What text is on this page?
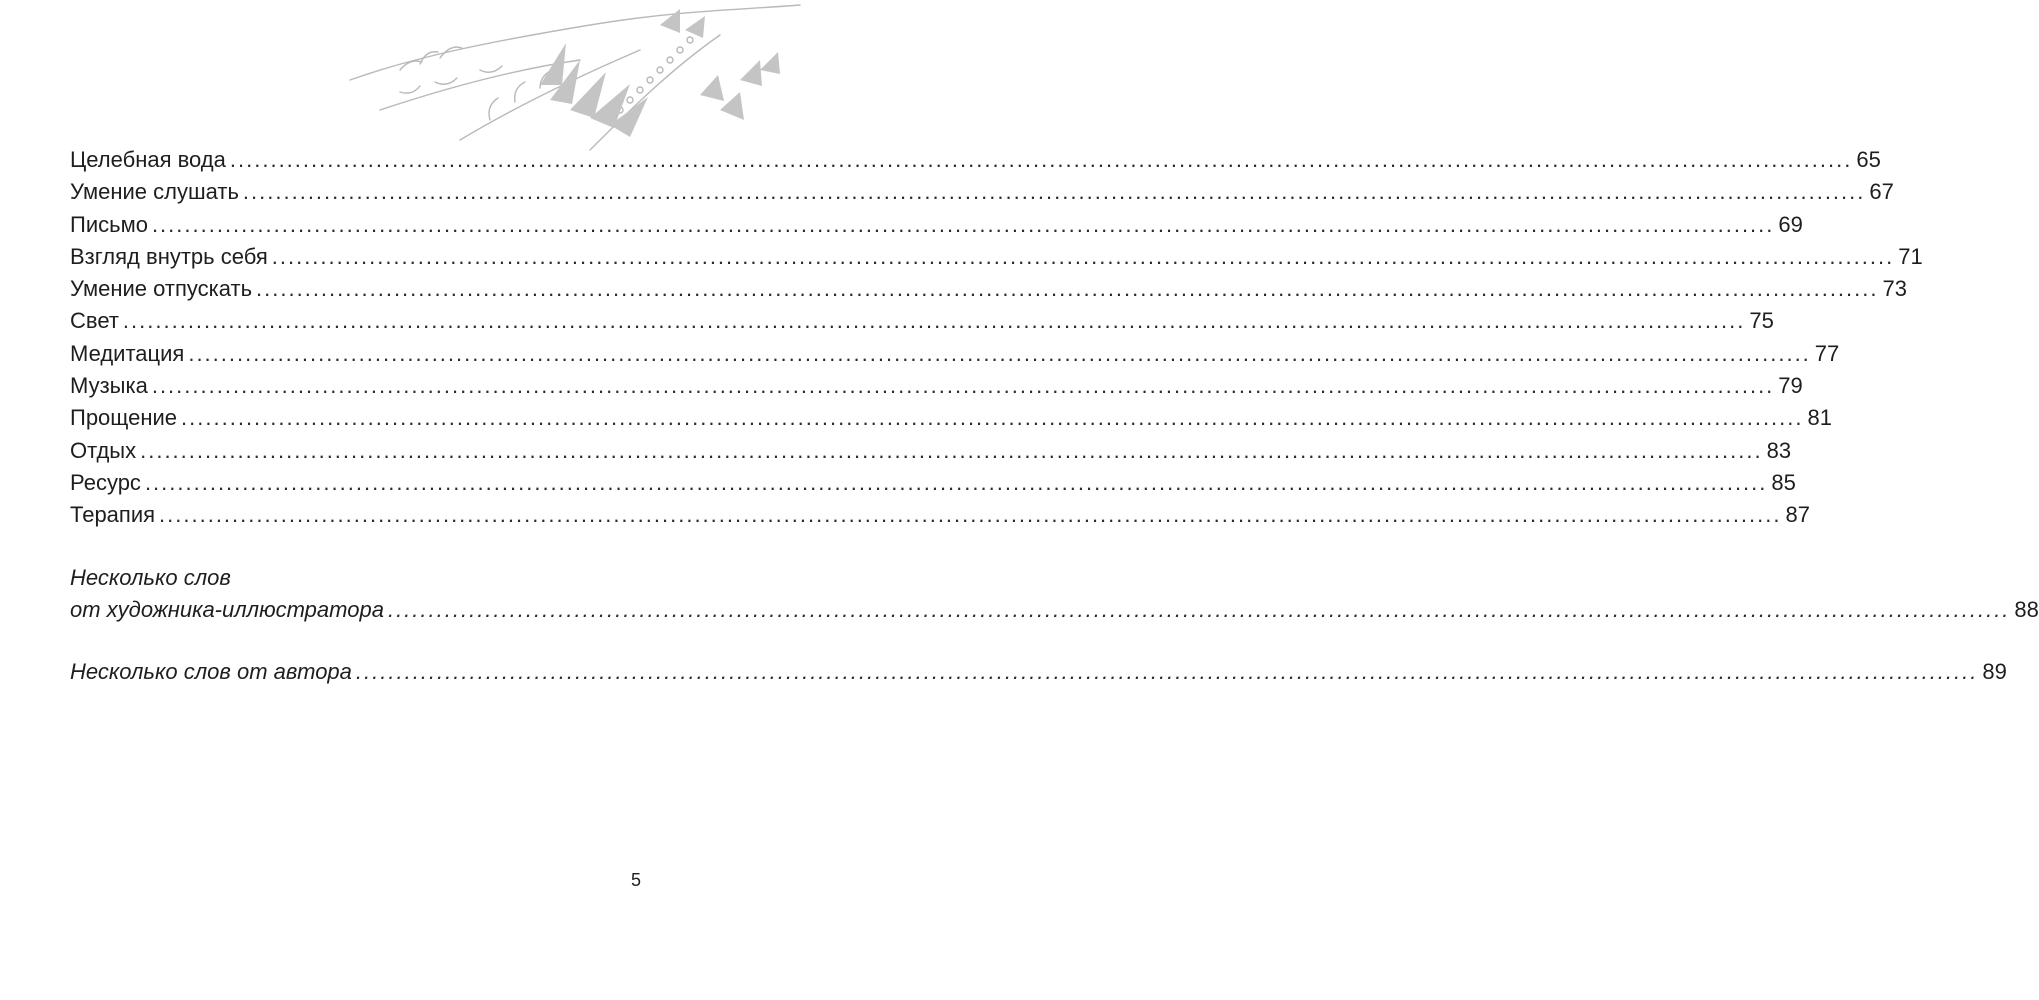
Целебная вода ........................................................................................................................................................................................................ 65
Умение слушать ........................................................................................................................................................................................................ 67
Письмо ........................................................................................................................................................................................................ 69
Взгляд внутрь себя ........................................................................................................................................................................................................ 71
Умение отпускать ........................................................................................................................................................................................................ 73
Свет ........................................................................................................................................................................................................ 75
Медитация ........................................................................................................................................................................................................ 77
Музыка ........................................................................................................................................................................................................ 79
Прощение ........................................................................................................................................................................................................ 81
Отдых ........................................................................................................................................................................................................ 83
Ресурс ........................................................................................................................................................................................................ 85
Терапия ........................................................................................................................................................................................................ 87
Несколько слов
от художника-иллюстратора ........................................................................................................................................................................................................ 88
Несколько слов от автора ........................................................................................................................................................................................................ 89
5
